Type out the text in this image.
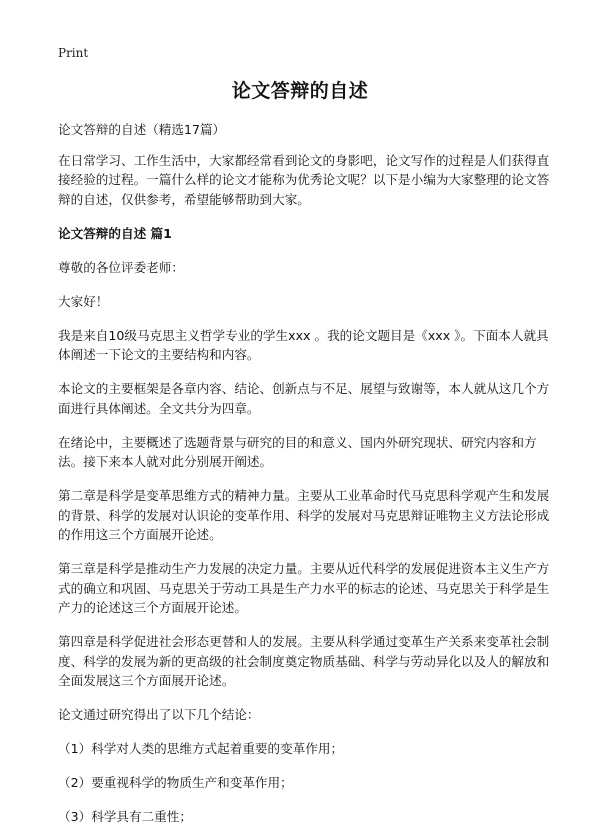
Print
论文答辩的自述

论文答辩的自述（精选17篇）

在日常学习、工作生活中，大家都经常看到论文的身影吧，论文写作的过程是人们获得直接经验的过程。一篇什么样的论文才能称为优秀论文呢？以下是小编为大家整理的论文答辩的自述，仅供参考，希望能够帮助到大家。

论文答辩的自述 篇1

尊敬的各位评委老师：

大家好！

我是来自10级马克思主义哲学专业的学生xxx 。我的论文题目是《xxx 》。下面本人就具体阐述一下论文的主要结构和内容。

本论文的主要框架是各章内容、结论、创新点与不足、展望与致谢等，本人就从这几个方面进行具体阐述。全文共分为四章。

在绪论中，主要概述了选题背景与研究的目的和意义、国内外研究现状、研究内容和方法。接下来本人就对此分别展开阐述。

第二章是科学是变革思维方式的精神力量。主要从工业革命时代马克思科学观产生和发展的背景、科学的发展对认识论的变革作用、科学的发展对马克思辩证唯物主义方法论形成的作用这三个方面展开论述。

第三章是科学是推动生产力发展的决定力量。主要从近代科学的发展促进资本主义生产方式的确立和巩固、马克思关于劳动工具是生产力水平的标志的论述、马克思关于科学是生产力的论述这三个方面展开论述。

第四章是科学促进社会形态更替和人的发展。主要从科学通过变革生产关系来变革社会制度、科学的发展为新的更高级的社会制度奠定物质基础、科学与劳动异化以及人的解放和全面发展这三个方面展开论述。

论文通过研究得出了以下几个结论：

（1）科学对人类的思维方式起着重要的变革作用；

（2）要重视科学的物质生产和变革作用；

（3）科学具有二重性；
